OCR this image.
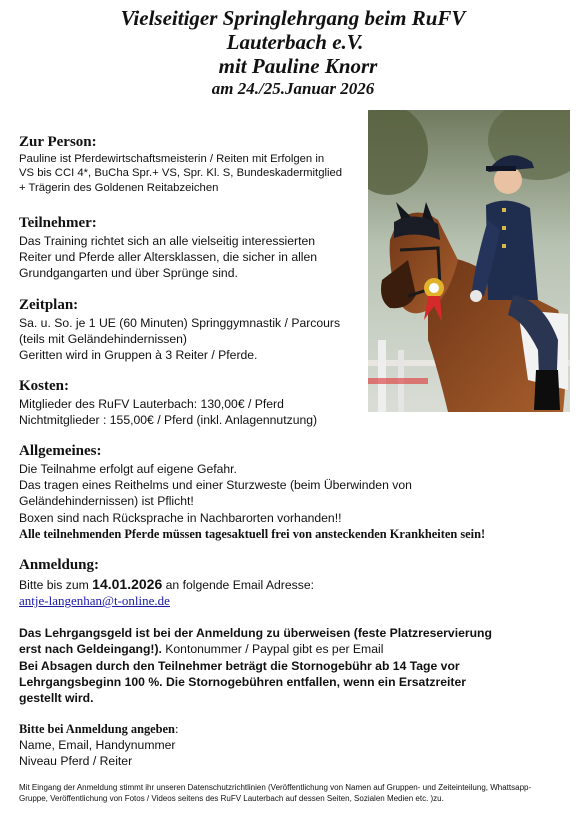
Vielseitiger Springlehrgang beim RuFV
Lauterbach e.V.
mit Pauline Knorr
am 24./25.Januar 2026
Zur Person:
Pauline ist Pferdewirtschaftsmeisterin / Reiten mit Erfolgen in
VS bis CCI 4*, BuCha Spr.+ VS, Spr. Kl. S, Bundeskadermitglied
+ Trägerin des Goldenen Reitabzeichen
Teilnehmer:
Das Training richtet sich an alle vielseitig interessierten
Reiter und Pferde aller Altersklassen, die sicher in allen
Grundgangarten und über Sprünge sind.
Zeitplan:
Sa. u. So. je 1 UE (60 Minuten) Springgymnastik / Parcours
(teils mit Geländehindernissen)
Geritten wird in Gruppen à 3 Reiter / Pferde.
Kosten:
Mitglieder des RuFV Lauterbach: 130,00€ / Pferd
Nichtmitglieder : 155,00€ / Pferd (inkl. Anlagennutzung)
Allgemeines:
Die Teilnahme erfolgt auf eigene Gefahr.
Das tragen eines Reithelms und einer Sturzweste (beim Überwinden von
Geländehindernissen) ist Pflicht!
Boxen sind nach Rücksprache in Nachbarorten vorhanden!!
Alle teilnehmenden Pferde müssen tagesaktuell frei von ansteckenden Krankheiten sein!
Anmeldung:
Bitte bis zum 14.01.2026 an folgende Email Adresse:
antje-langenhan@t-online.de
Das Lehrgangsgeld ist bei der Anmeldung zu überweisen (feste Platzreservierung
erst nach Geldeingang!). Kontonummer / Paypal gibt es per Email
Bei Absagen durch den Teilnehmer beträgt die Stornogebühr ab 14 Tage vor
Lehrgangsbeginn 100 %. Die Stornogebühren entfallen, wenn ein Ersatzreiter
gestellt wird.
Bitte bei Anmeldung angeben:
Name, Email, Handynummer
Niveau Pferd / Reiter
Mit Eingang der Anmeldung stimmt ihr unseren Datenschutzrichtlinien (Veröffentlichung von Namen auf Gruppen- und Zeiteinteilung, Whattsapp- Gruppe, Veröffentlichung von Fotos / Videos seitens des RuFV Lauterbach auf dessen Seiten, Sozialen Medien etc. )zu.
